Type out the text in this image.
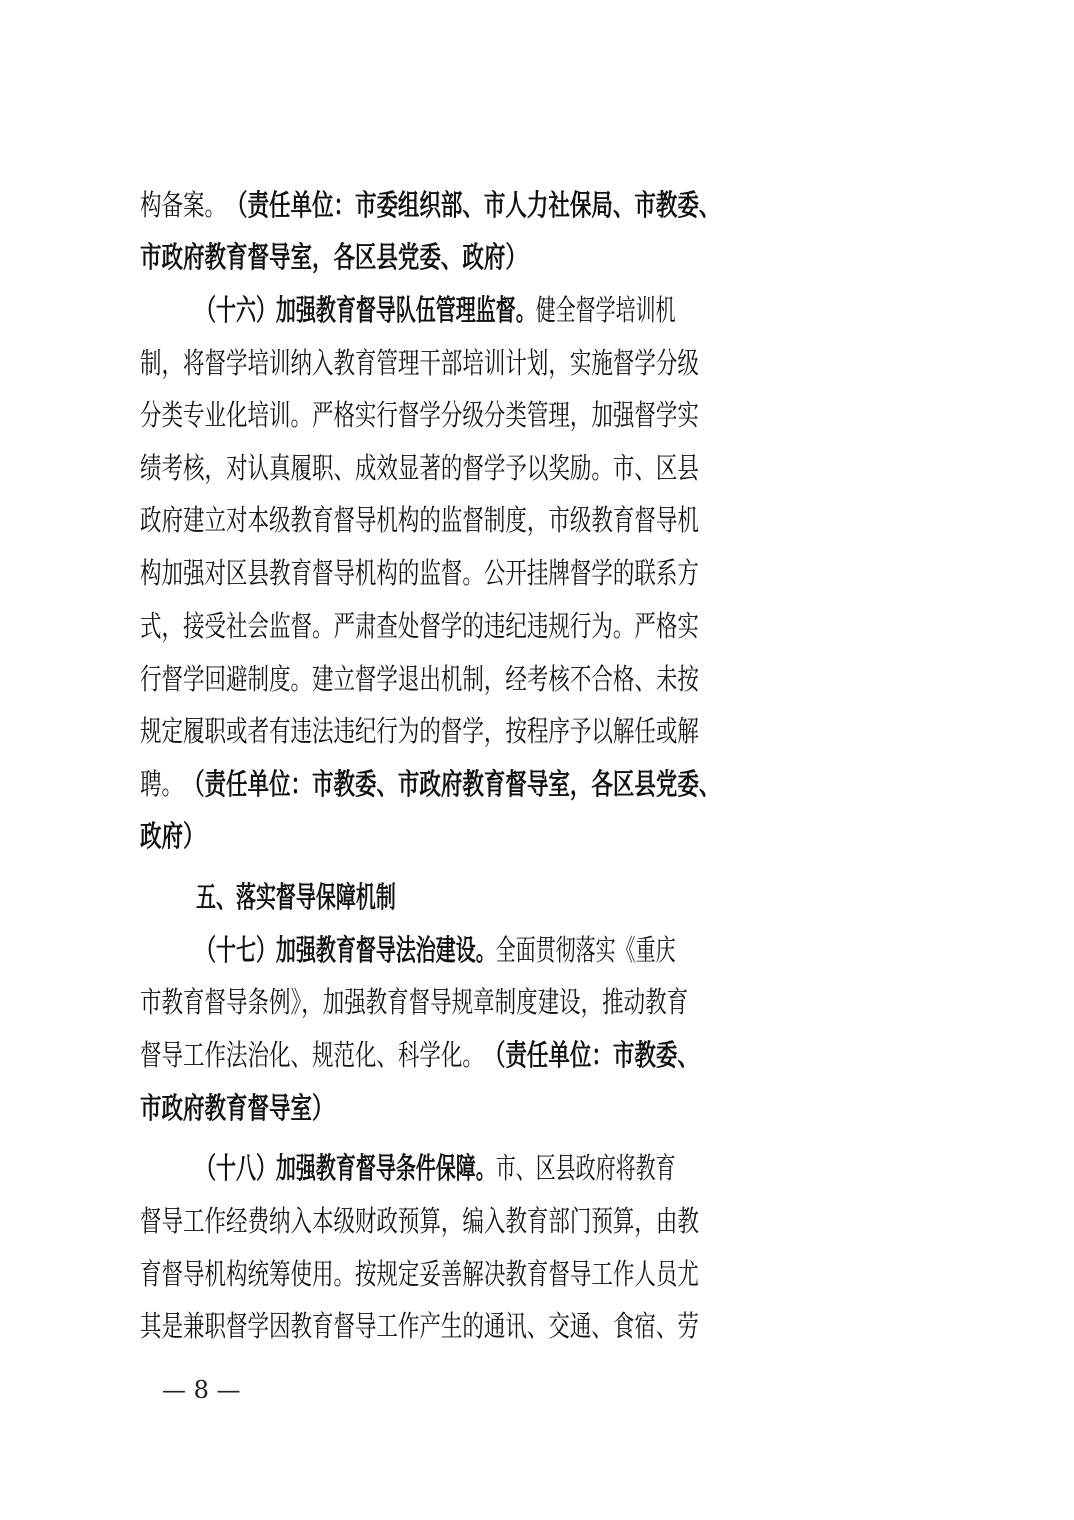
构备案。（责任单位：市委组织部、市人力社保局、市教委、
市政府教育督导室，各区县党委、政府）
（十六）加强教育督导队伍管理监督。健全督学培训机
制，将督学培训纳入教育管理干部培训计划，实施督学分级
分类专业化培训。严格实行督学分级分类管理，加强督学实
绩考核，对认真履职、成效显著的督学予以奖励。市、区县
政府建立对本级教育督导机构的监督制度，市级教育督导机
构加强对区县教育督导机构的监督。公开挂牌督学的联系方
式，接受社会监督。严肃查处督学的违纪违规行为。严格实
行督学回避制度。建立督学退出机制，经考核不合格、未按
规定履职或者有违法违纪行为的督学，按程序予以解任或解
聘。（责任单位：市教委、市政府教育督导室，各区县党委、
政府）
五、落实督导保障机制
（十七）加强教育督导法治建设。全面贯彻落实《重庆
市教育督导条例》，加强教育督导规章制度建设，推动教育
督导工作法治化、规范化、科学化。（责任单位：市教委、
市政府教育督导室）
（十八）加强教育督导条件保障。市、区县政府将教育
督导工作经费纳入本级财政预算，编入教育部门预算，由教
育督导机构统筹使用。按规定妥善解决教育督导工作人员尤
其是兼职督学因教育督导工作产生的通讯、交通、食宿、劳
— 8 —
